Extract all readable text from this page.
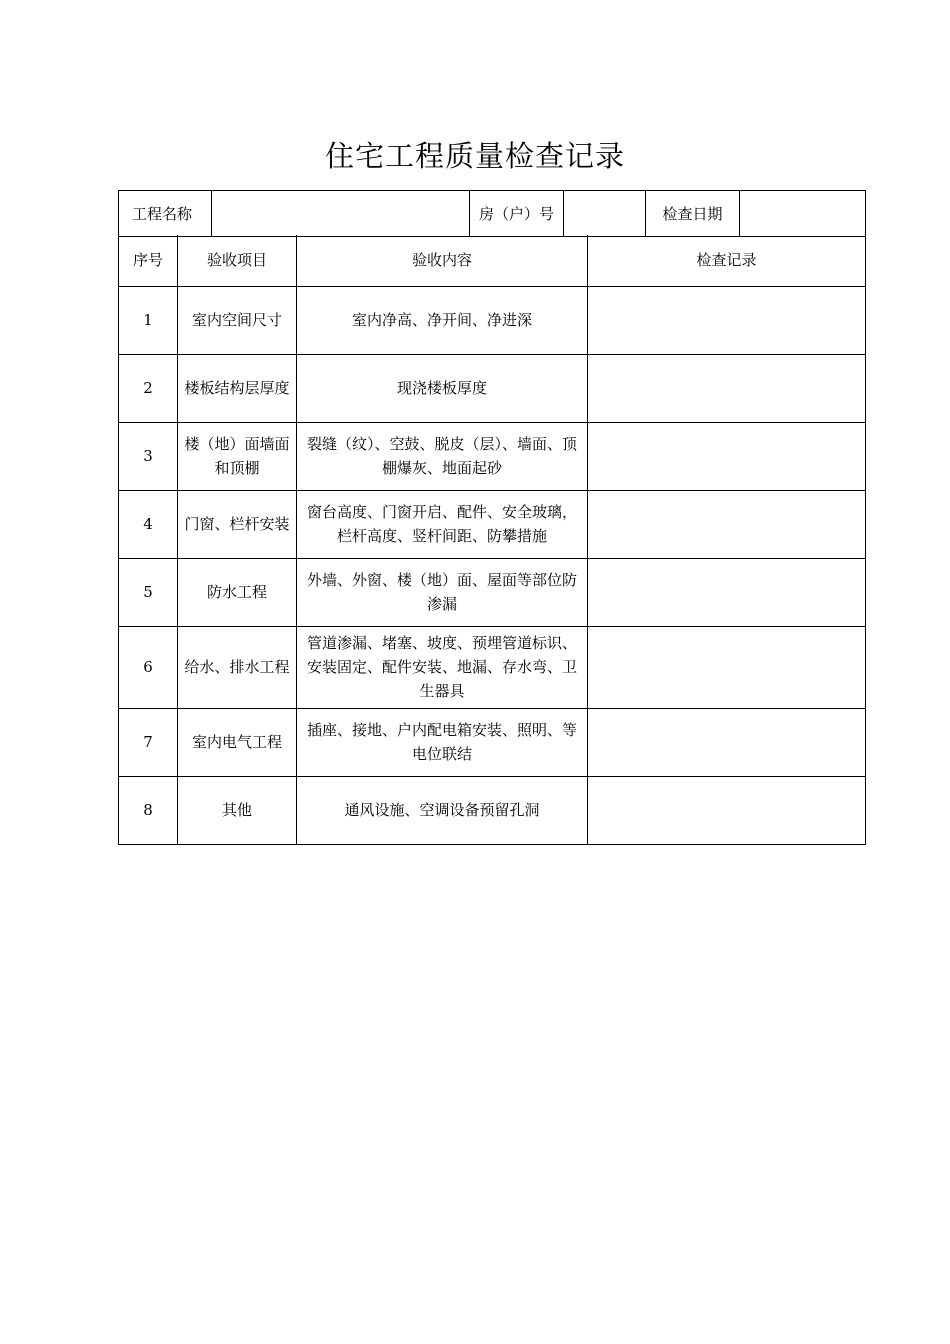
住宅工程质量检查记录
工程名称		房（户）号		检查日期	
序号	验收项目	验收内容	检查记录
1	室内空间尺寸	室内净高、净开间、净进深	
2	楼板结构层厚度	现浇楼板厚度	
3	楼（地）面墙面和顶棚	裂缝（纹）、空鼓、脱皮（层）、墙面、顶棚爆灰、地面起砂	
4	门窗、栏杆安装	窗台高度、门窗开启、配件、安全玻璃，栏杆高度、竖杆间距、防攀措施	
5	防水工程	外墙、外窗、楼（地）面、屋面等部位防渗漏	
6	给水、排水工程	管道渗漏、堵塞、坡度、预埋管道标识、安装固定、配件安装、地漏、存水弯、卫生器具	
7	室内电气工程	插座、接地、户内配电箱安装、照明、等电位联结	
8	其他	通风设施、空调设备预留孔洞	
